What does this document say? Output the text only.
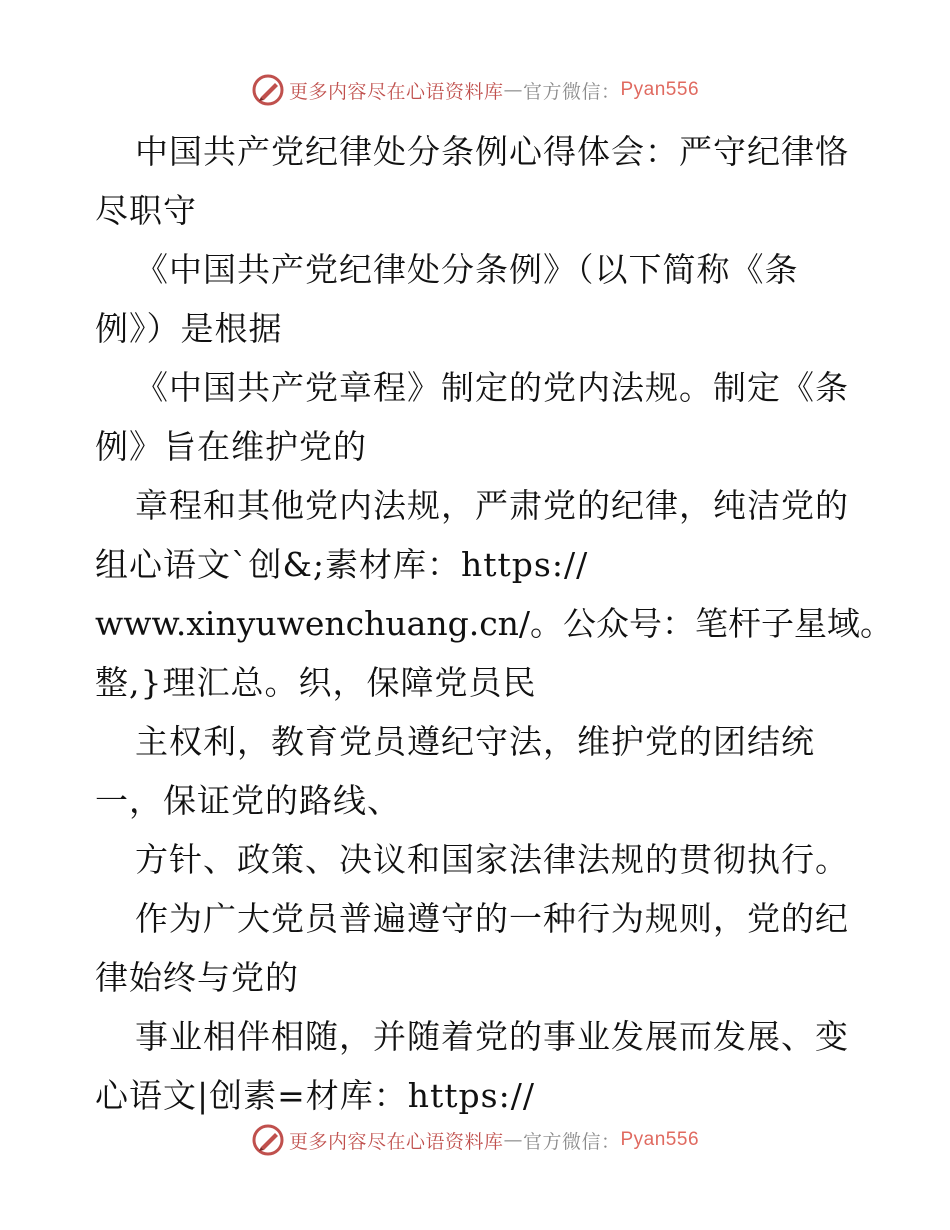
更多内容尽在心语资料库 — 官方微信： Pyan556
中国共产党纪律处分条例心得体会：严守纪律恪
尽职守
《中国共产党纪律处分条例》（以下简称《条
例》）是根据
《中国共产党章程》制定的党内法规。制定《条
例》旨在维护党的
章程和其他党内法规，严肃党的纪律，纯洁党的
组心语文`创&;素材库：https://
www.xinyuwenchuang.cn/。公众号：笔杆子星域。
整,}理汇总。织，保障党员民
主权利，教育党员遵纪守法，维护党的团结统
一，保证党的路线、
方针、政策、决议和国家法律法规的贯彻执行。
作为广大党员普遍遵守的一种行为规则，党的纪
律始终与党的
事业相伴相随，并随着党的事业发展而发展、变
心语文|创素=材库：https://
更多内容尽在心语资料库 — 官方微信： Pyan556
